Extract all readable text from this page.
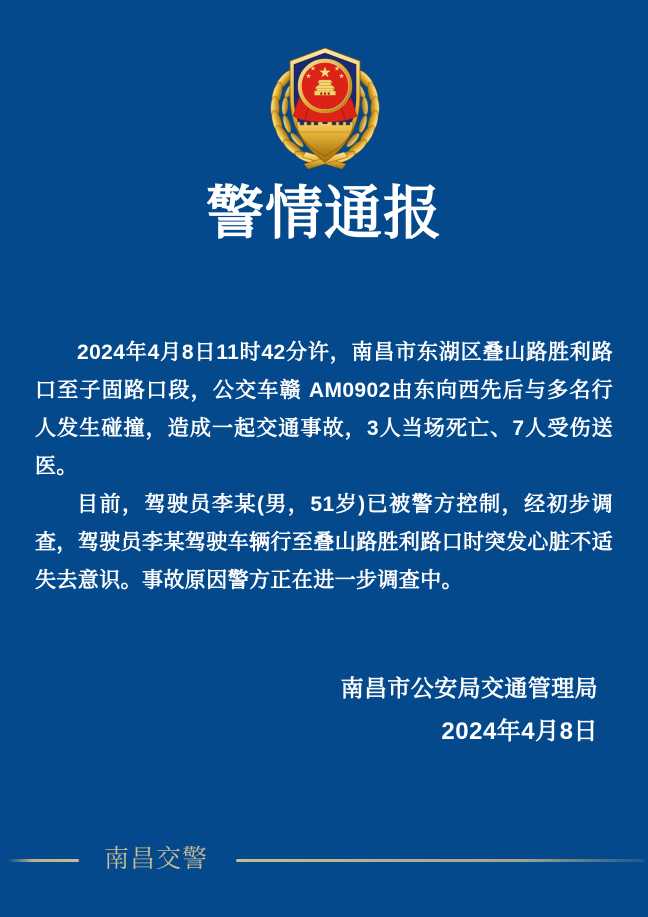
警情通报

2024年4月8日11时42分许，南昌市东湖区叠山路胜利路口至子固路口段，公交车赣 AM0902由东向西先后与多名行人发生碰撞，造成一起交通事故，3人当场死亡、7人受伤送医。

目前，驾驶员李某(男，51岁)已被警方控制，经初步调查，驾驶员李某驾驶车辆行至叠山路胜利路口时突发心脏不适失去意识。事故原因警方正在进一步调查中。

南昌市公安局交通管理局
2024年4月8日
南昌交警
